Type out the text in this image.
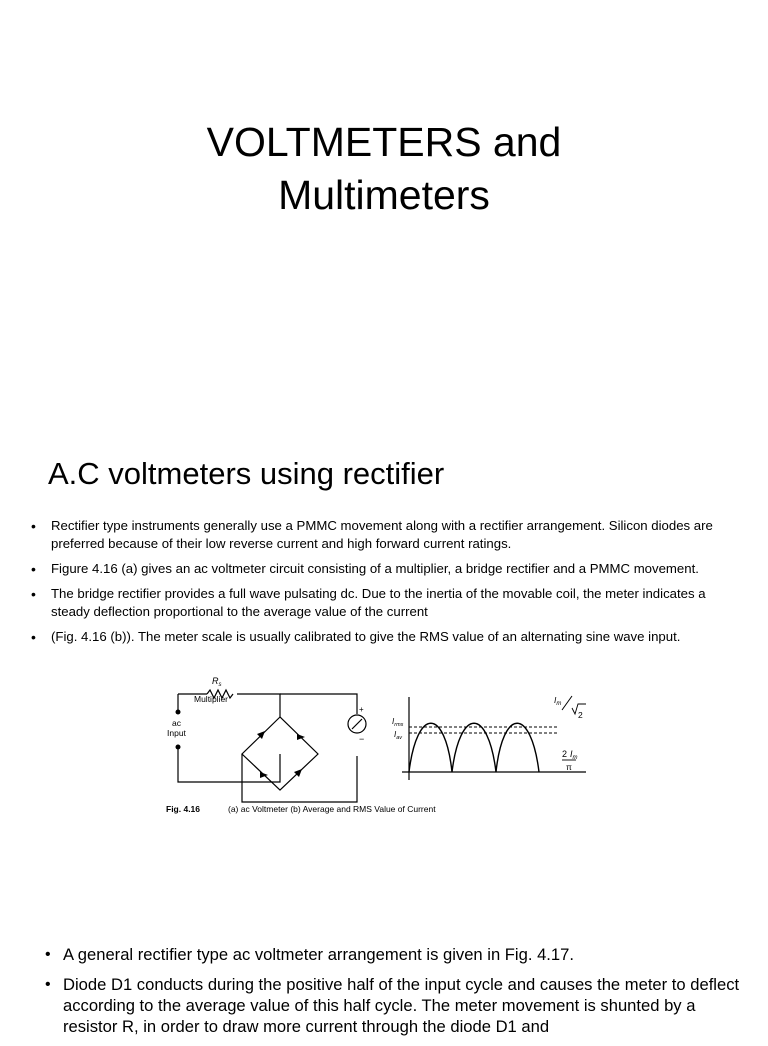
VOLTMETERS and
Multimeters
A.C voltmeters using rectifier
• Rectifier type instruments generally use a PMMC movement along with a rectifier arrangement. Silicon diodes are preferred because of their low reverse current and high forward current ratings.
• Figure 4.16 (a) gives an ac voltmeter circuit consisting of a multiplier, a bridge rectifier and a PMMC movement.
• The bridge rectifier provides a full wave pulsating dc. Due to the inertia of the movable coil, the meter indicates a steady deflection proportional to the average value of the current
• (Fig. 4.16 (b)). The meter scale is usually calibrated to give the RMS value of an alternating sine wave input.
$R_s$
Multiplier
ac
Input
+
−
$I_{rms}$
$I_{av}$
$I_m$
2
2 $I_m$
π
Fig. 4.16	(a) ac Voltmeter (b) Average and RMS Value of Current
• A general rectifier type ac voltmeter arrangement is given in Fig. 4.17.
• Diode D1 conducts during the positive half of the input cycle and causes the meter to deflect according to the average value of this half cycle. The meter movement is shunted by a resistor R, in order to draw more current through the diode D1 and
